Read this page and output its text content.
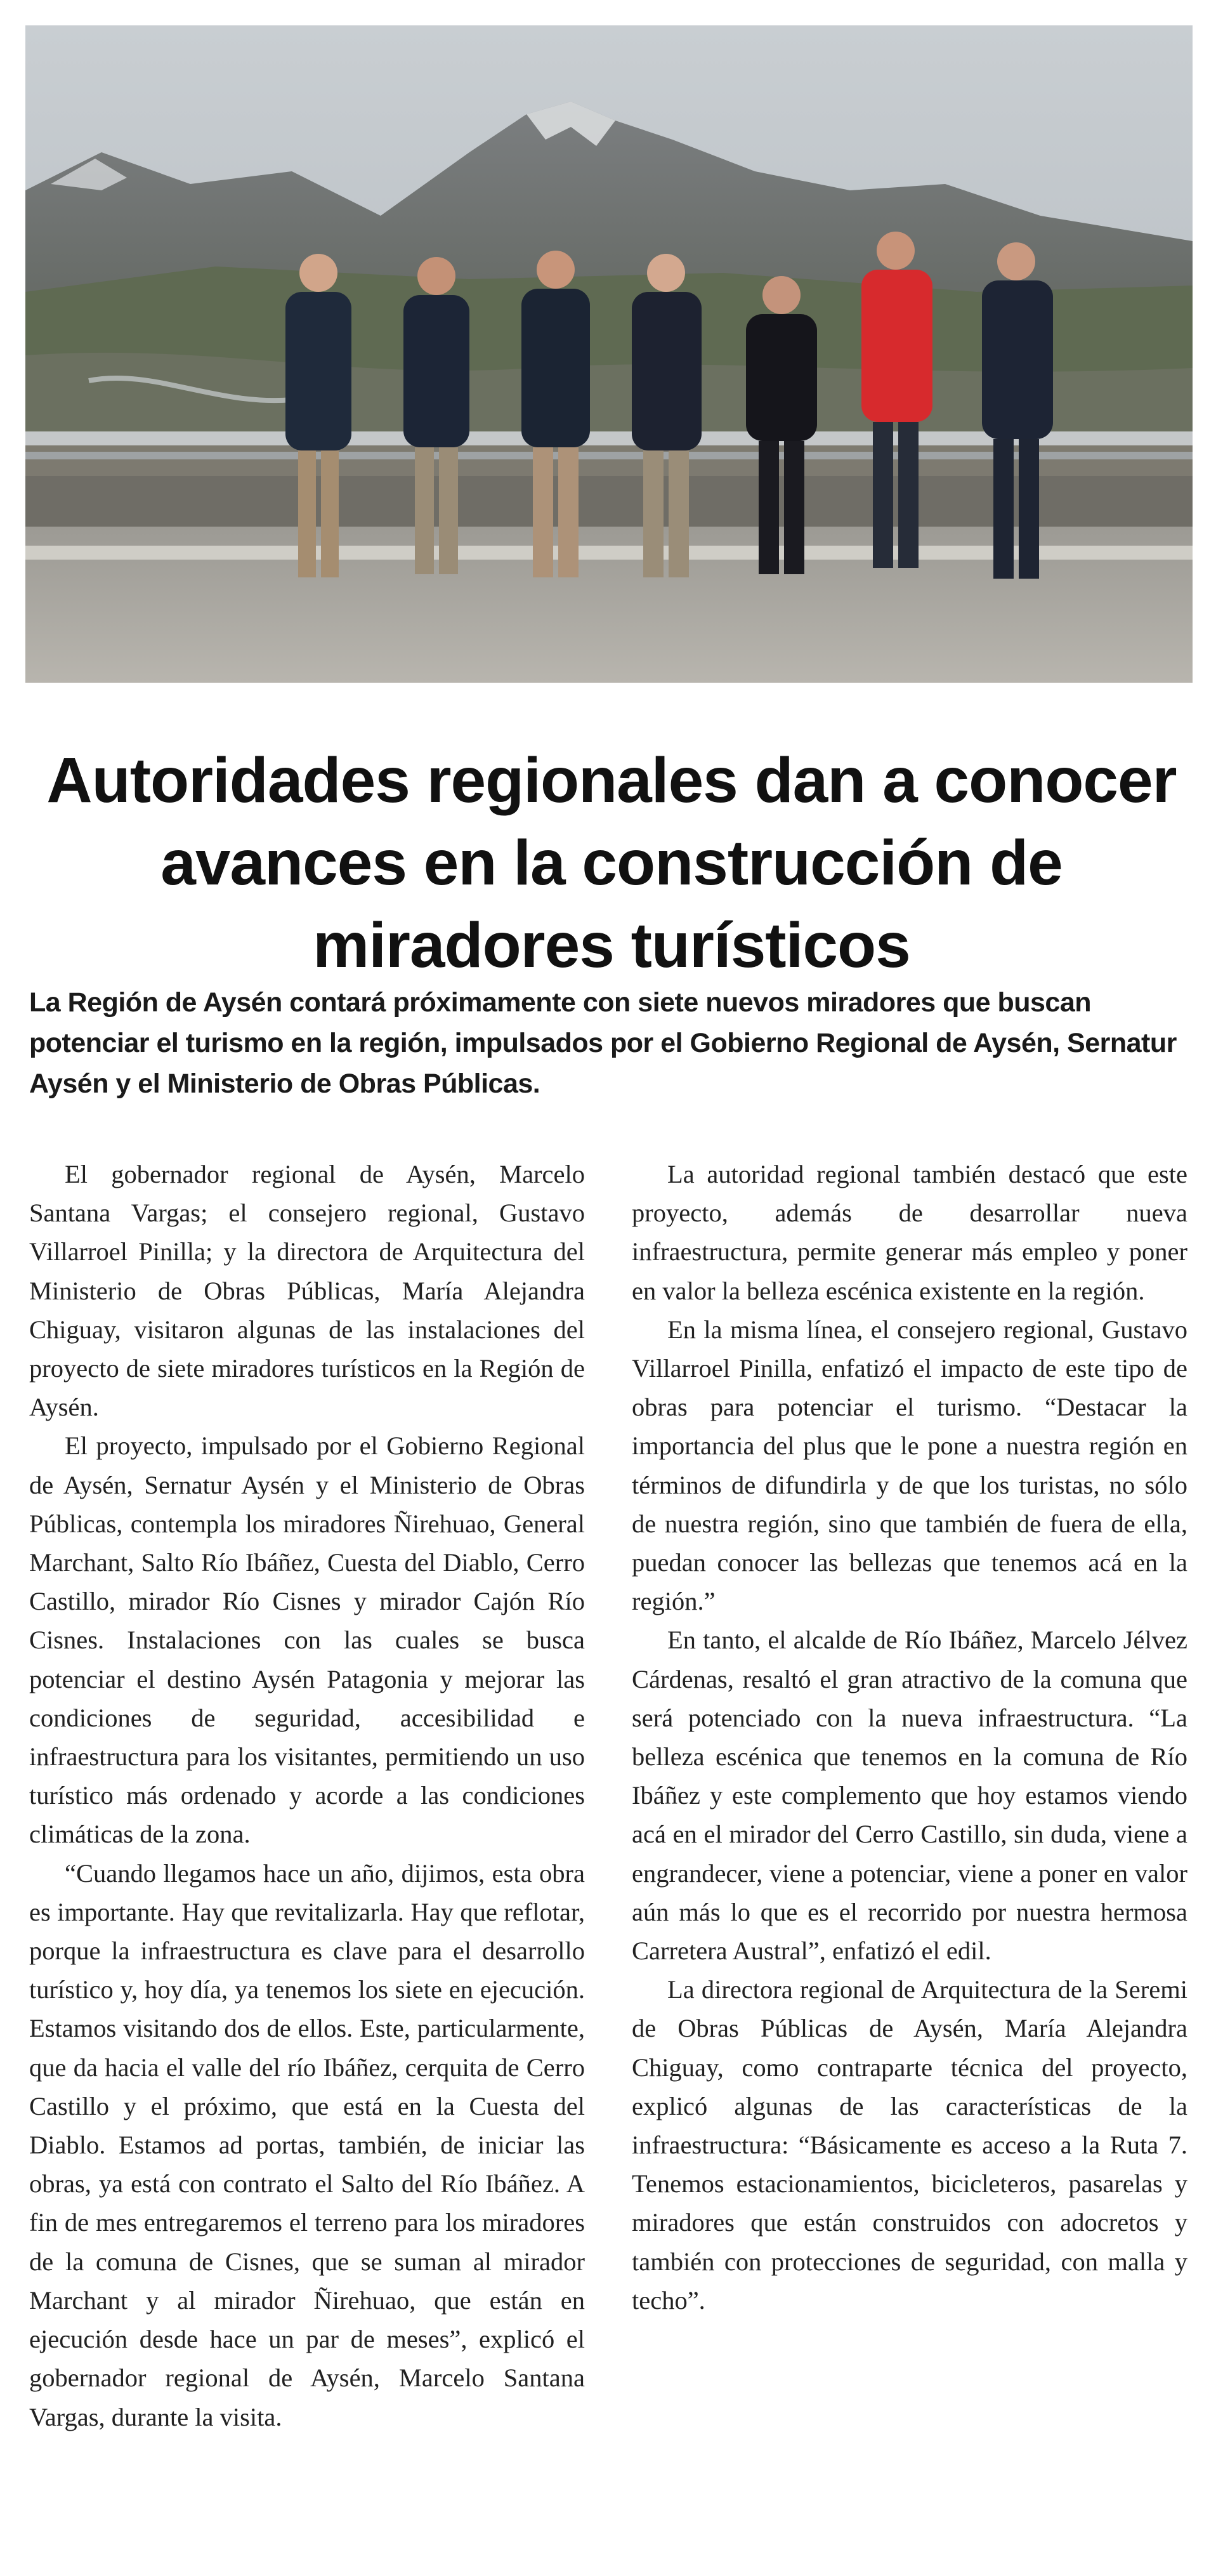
Autoridades regionales dan a conocer avances en la construcción de miradores turísticos
La Región de Aysén contará próximamente con siete nuevos miradores que buscan potenciar el turismo en la región, impulsados por el Gobierno Regional de Aysén, Sernatur Aysén y el Ministerio de Obras Públicas.

El gobernador regional de Aysén, Marcelo Santana Vargas; el consejero regional, Gustavo Villarroel Pinilla; y la directora de Arquitectura del Ministerio de Obras Públicas, María Alejandra Chiguay, visitaron algunas de las instalaciones del proyecto de siete miradores turísticos en la Región de Aysén.

El proyecto, impulsado por el Gobierno Regional de Aysén, Sernatur Aysén y el Ministerio de Obras Públicas, contempla los miradores Ñirehuao, General Marchant, Salto Río Ibáñez, Cuesta del Diablo, Cerro Castillo, mirador Río Cisnes y mirador Cajón Río Cisnes. Instalaciones con las cuales se busca potenciar el destino Aysén Patagonia y mejorar las condiciones de seguridad, accesibilidad e infraestructura para los visitantes, permitiendo un uso turístico más ordenado y acorde a las condiciones climáticas de la zona.

“Cuando llegamos hace un año, dijimos, esta obra es importante. Hay que revitalizarla. Hay que reflotar, porque la infraestructura es clave para el desarrollo turístico y, hoy día, ya tenemos los siete en ejecución. Estamos visitando dos de ellos. Este, particularmente, que da hacia el valle del río Ibáñez, cerquita de Cerro Castillo y el próximo, que está en la Cuesta del Diablo. Estamos ad portas, también, de iniciar las obras, ya está con contrato el Salto del Río Ibáñez. A fin de mes entregaremos el terreno para los miradores de la comuna de Cisnes, que se suman al mirador Marchant y al mirador Ñirehuao, que están en ejecución desde hace un par de meses”, explicó el gobernador regional de Aysén, Marcelo Santana Vargas, durante la visita.

La autoridad regional también destacó que este proyecto, además de desarrollar nueva infraestructura, permite generar más empleo y poner en valor la belleza escénica existente en la región.

En la misma línea, el consejero regional, Gustavo Villarroel Pinilla, enfatizó el impacto de este tipo de obras para potenciar el turismo. “Destacar la importancia del plus que le pone a nuestra región en términos de difundirla y de que los turistas, no sólo de nuestra región, sino que también de fuera de ella, puedan conocer las bellezas que tenemos acá en la región.”

En tanto, el alcalde de Río Ibáñez, Marcelo Jélvez Cárdenas, resaltó el gran atractivo de la comuna que será potenciado con la nueva infraestructura. “La belleza escénica que tenemos en la comuna de Río Ibáñez y este complemento que hoy estamos viendo acá en el mirador del Cerro Castillo, sin duda, viene a engrandecer, viene a potenciar, viene a poner en valor aún más lo que es el recorrido por nuestra hermosa Carretera Austral”, enfatizó el edil.

La directora regional de Arquitectura de la Seremi de Obras Públicas de Aysén, María Alejandra Chiguay, como contraparte técnica del proyecto, explicó algunas de las características de la infraestructura: “Básicamente es acceso a la Ruta 7. Tenemos estacionamientos, bicicleteros, pasarelas y miradores que están construidos con adocretos y también con protecciones de seguridad, con malla y techo”.
